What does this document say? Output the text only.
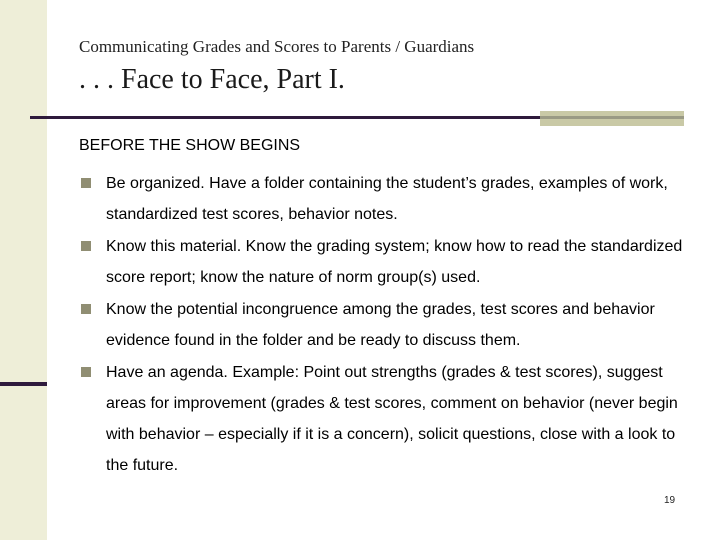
Communicating Grades and Scores to Parents / Guardians
. . . Face to Face, Part I.
BEFORE THE SHOW BEGINS
Be organized. Have a folder containing the student’s grades, examples of work, standardized test scores, behavior notes.
Know this material. Know the grading system; know how to read the standardized score report; know the nature of norm group(s) used.
Know the potential incongruence among the grades, test scores and behavior evidence found in the folder and be ready to discuss them.
Have an agenda. Example: Point out strengths (grades & test scores), suggest areas for improvement (grades & test scores, comment on behavior (never begin with behavior – especially if it is a concern), solicit questions, close with a look to the future.
19
